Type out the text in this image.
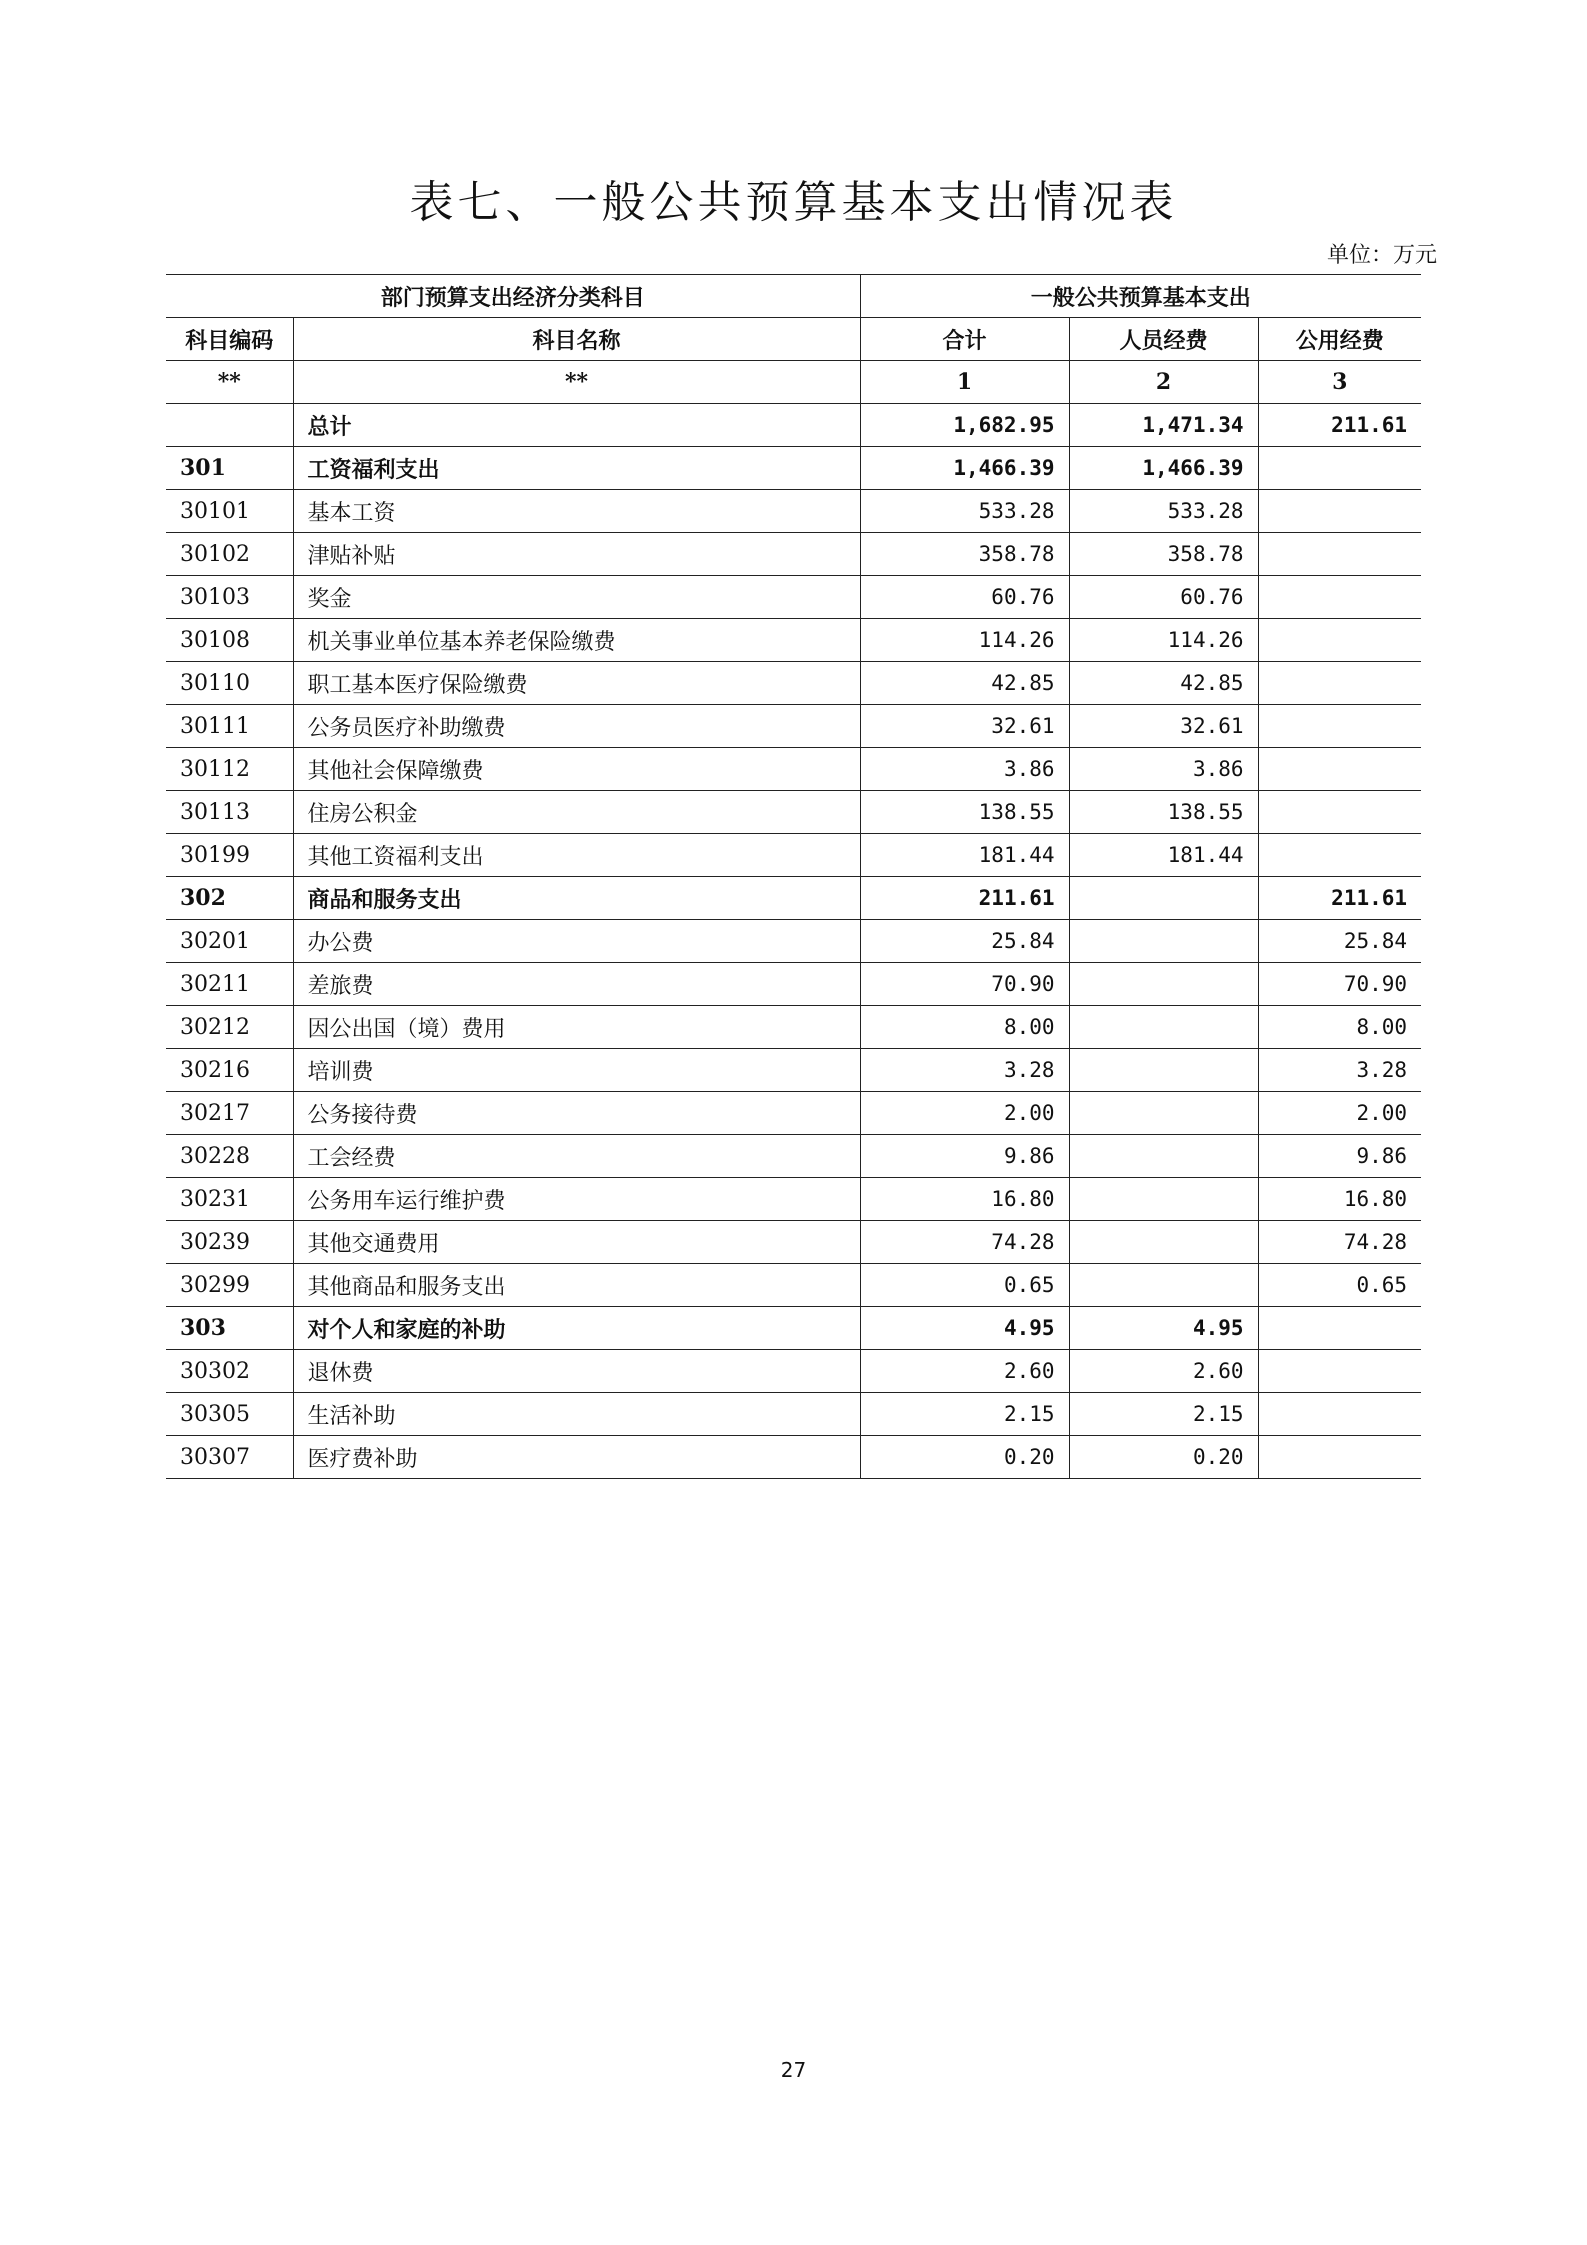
表七、一般公共预算基本支出情况表
单位：万元
部门预算支出经济分类科目		一般公共预算基本支出		
科目编码	科目名称	合计	人员经费	公用经费
**	**	1	2	3
	总计	1,682.95	1,471.34	211.61
301	工资福利支出	1,466.39	1,466.39	
30101	基本工资	533.28	533.28	
30102	津贴补贴	358.78	358.78	
30103	奖金	60.76	60.76	
30108	机关事业单位基本养老保险缴费	114.26	114.26	
30110	职工基本医疗保险缴费	42.85	42.85	
30111	公务员医疗补助缴费	32.61	32.61	
30112	其他社会保障缴费	3.86	3.86	
30113	住房公积金	138.55	138.55	
30199	其他工资福利支出	181.44	181.44	
302	商品和服务支出	211.61		211.61
30201	办公费	25.84		25.84
30211	差旅费	70.90		70.90
30212	因公出国（境）费用	8.00		8.00
30216	培训费	3.28		3.28
30217	公务接待费	2.00		2.00
30228	工会经费	9.86		9.86
30231	公务用车运行维护费	16.80		16.80
30239	其他交通费用	74.28		74.28
30299	其他商品和服务支出	0.65		0.65
303	对个人和家庭的补助	4.95	4.95	
30302	退休费	2.60	2.60	
30305	生活补助	2.15	2.15	
30307	医疗费补助	0.20	0.20	
27
